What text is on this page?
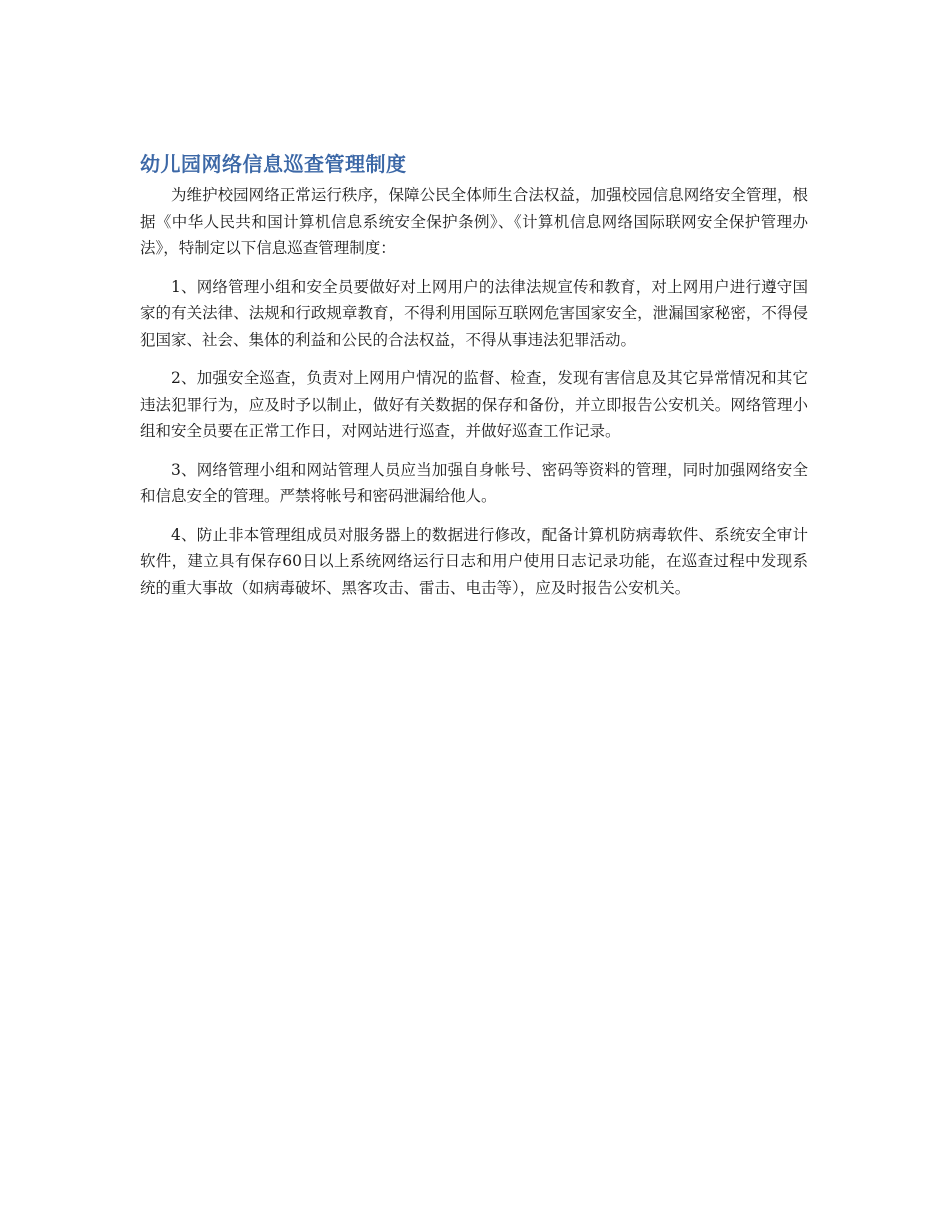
幼儿园网络信息巡查管理制度

为维护校园网络正常运行秩序，保障公民全体师生合法权益，加强校园信息网络安全管理，根据《中华人民共和国计算机信息系统安全保护条例》、《计算机信息网络国际联网安全保护管理办法》，特制定以下信息巡查管理制度：

1、网络管理小组和安全员要做好对上网用户的法律法规宣传和教育，对上网用户进行遵守国家的有关法律、法规和行政规章教育，不得利用国际互联网危害国家安全，泄漏国家秘密，不得侵犯国家、社会、集体的利益和公民的合法权益，不得从事违法犯罪活动。

2、加强安全巡查，负责对上网用户情况的监督、检查，发现有害信息及其它异常情况和其它违法犯罪行为，应及时予以制止，做好有关数据的保存和备份，并立即报告公安机关。网络管理小组和安全员要在正常工作日，对网站进行巡查，并做好巡查工作记录。

3、网络管理小组和网站管理人员应当加强自身帐号、密码等资料的管理，同时加强网络安全和信息安全的管理。严禁将帐号和密码泄漏给他人。

4、防止非本管理组成员对服务器上的数据进行修改，配备计算机防病毒软件、系统安全审计软件，建立具有保存60日以上系统网络运行日志和用户使用日志记录功能，在巡查过程中发现系统的重大事故（如病毒破坏、黑客攻击、雷击、电击等），应及时报告公安机关。
